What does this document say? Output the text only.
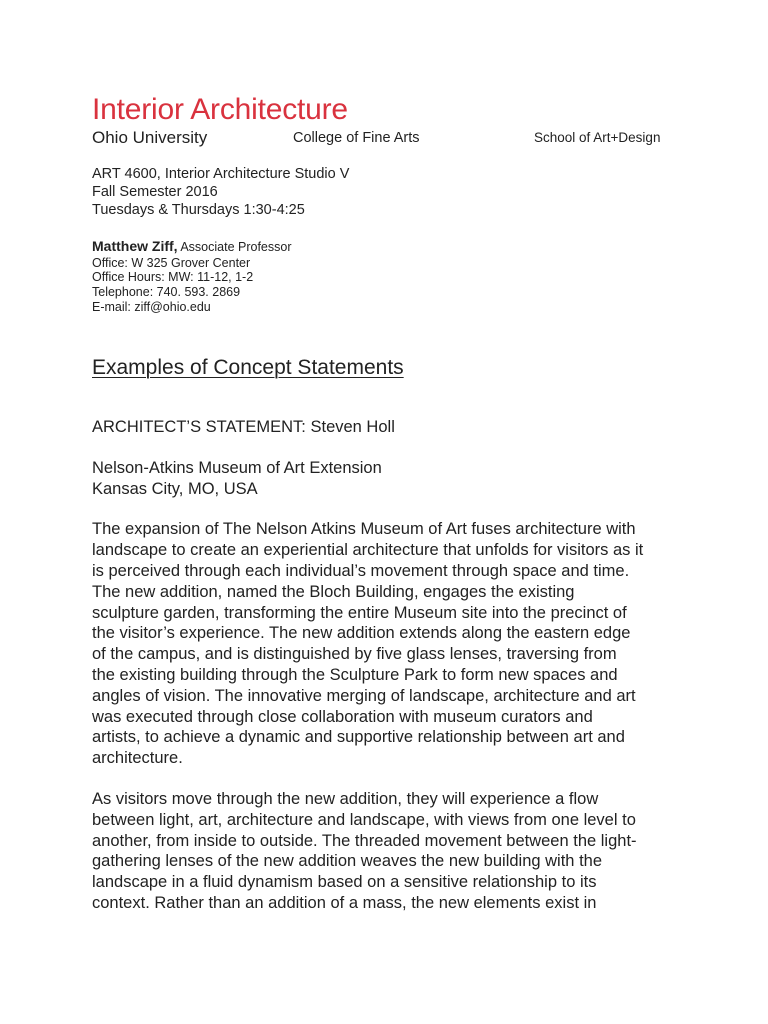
Interior Architecture
Ohio University	College of Fine Arts	School of Art+Design
ART 4600, Interior Architecture Studio V
Fall Semester 2016
Tuesdays & Thursdays 1:30-4:25
Matthew Ziff, Associate Professor
Office: W 325 Grover Center
Office Hours: MW: 11-12, 1-2
Telephone: 740. 593. 2869
E-mail: ziff@ohio.edu
Examples of Concept Statements
ARCHITECT’S STATEMENT: Steven Holl
Nelson-Atkins Museum of Art Extension
Kansas City, MO, USA

The expansion of The Nelson Atkins Museum of Art fuses architecture with
landscape to create an experiential architecture that unfolds for visitors as it
is perceived through each individual’s movement through space and time.
The new addition, named the Bloch Building, engages the existing
sculpture garden, transforming the entire Museum site into the precinct of
the visitor’s experience. The new addition extends along the eastern edge
of the campus, and is distinguished by five glass lenses, traversing from
the existing building through the Sculpture Park to form new spaces and
angles of vision. The innovative merging of landscape, architecture and art
was executed through close collaboration with museum curators and
artists, to achieve a dynamic and supportive relationship between art and
architecture.

As visitors move through the new addition, they will experience a flow
between light, art, architecture and landscape, with views from one level to
another, from inside to outside. The threaded movement between the light-
gathering lenses of the new addition weaves the new building with the
landscape in a fluid dynamism based on a sensitive relationship to its
context. Rather than an addition of a mass, the new elements exist in
